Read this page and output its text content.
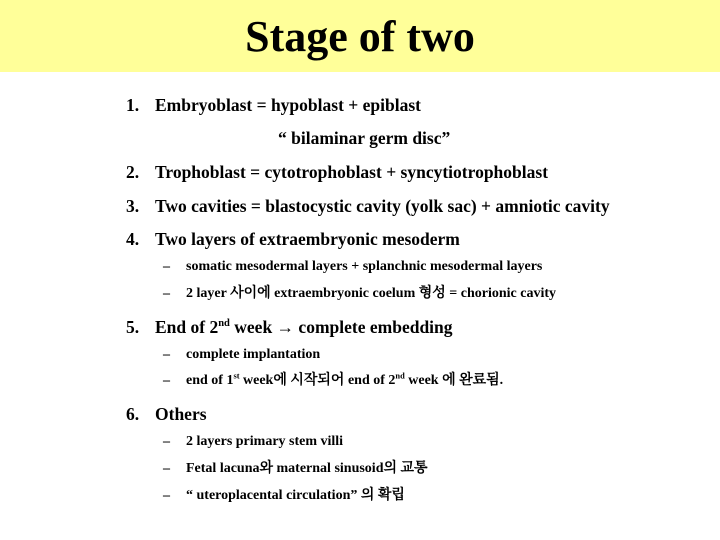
Stage of two
1. Embryoblast = hypoblast + epiblast
“ bilaminar germ disc”
2. Trophoblast = cytotrophoblast + syncytiotrophoblast
3. Two cavities = blastocystic cavity (yolk sac) + amniotic cavity
4. Two layers of extraembryonic mesoderm
– somatic mesodermal layers + splanchnic mesodermal layers
– 2 layer 사이에 extraembryonic coelum 형성 = chorionic cavity
5. End of 2nd week → complete embedding
– complete implantation
– end of 1st week에 시작되어 end of 2nd week 에 완료됨.
6. Others
– 2 layers primary stem villi
– Fetal lacuna와 maternal sinusoid의 교통
– “ uteroplacental circulation” 의 확립
